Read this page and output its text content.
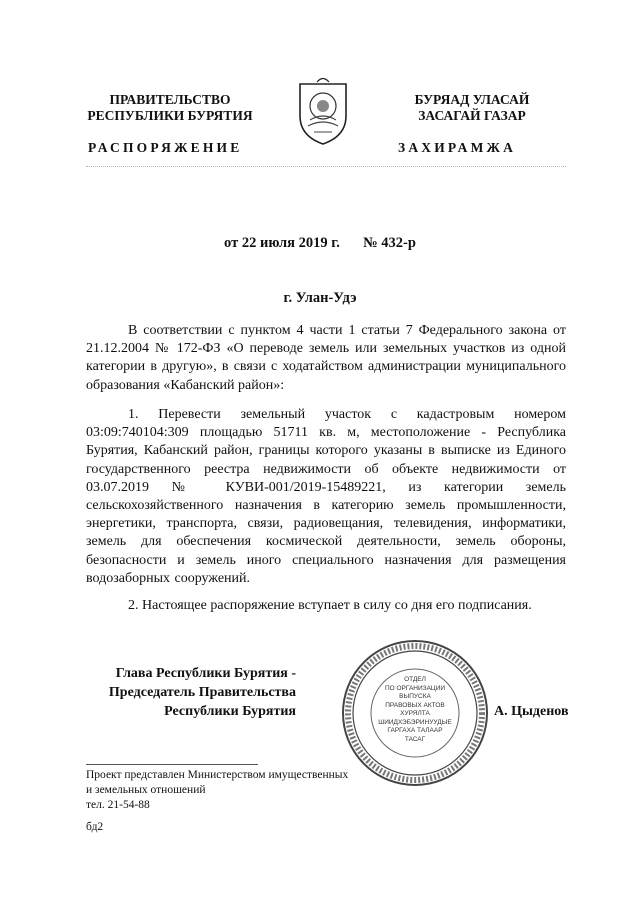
ПРАВИТЕЛЬСТВО
РЕСПУБЛИКИ БУРЯТИЯ
БУРЯАД УЛАСАЙ
ЗАСАГАЙ ГАЗАР
РАСПОРЯЖЕНИЕ	ЗАХИРАМЖА
от 22 июля 2019 г. № 432-р
г. Улан-Удэ
В соответствии с пунктом 4 части 1 статьи 7 Федерального закона от 21.12.2004 № 172-ФЗ «О переводе земель или земельных участков из одной категории в другую», в связи с ходатайством администрации муниципального образования «Кабанский район»:
1. Перевести земельный участок с кадастровым номером 03:09:740104:309 площадью 51711 кв. м, местоположение - Республика Бурятия, Кабанский район, границы которого указаны в выписке из Единого государственного реестра недвижимости об объекте недвижимости от 03.07.2019 № КУВИ-001/2019-15489221, из категории земель сельскохозяйственного назначения в категорию земель промышленности, энергетики, транспорта, связи, радиовещания, телевидения, информатики, земель для обеспечения космической деятельности, земель обороны, безопасности и земель иного специального назначения для размещения водозаборных сооружений.
2. Настоящее распоряжение вступает в силу со дня его подписания.
Глава Республики Бурятия -
Председатель Правительства
Республики Бурятия
ОТДЕЛ
ПО ОРГАНИЗАЦИИ
ВЫПУСКА
ПРАВОВЫХ АКТОВ
ХУРЯЛТА
ШИИДХЭБЭРИНУУДЫЕ
ГАРГАХА ТАЛААР
ТАСАГ
А. Цыденов
Проект представлен Министерством имущественных
и земельных отношений
тел. 21-54-88
бд2
